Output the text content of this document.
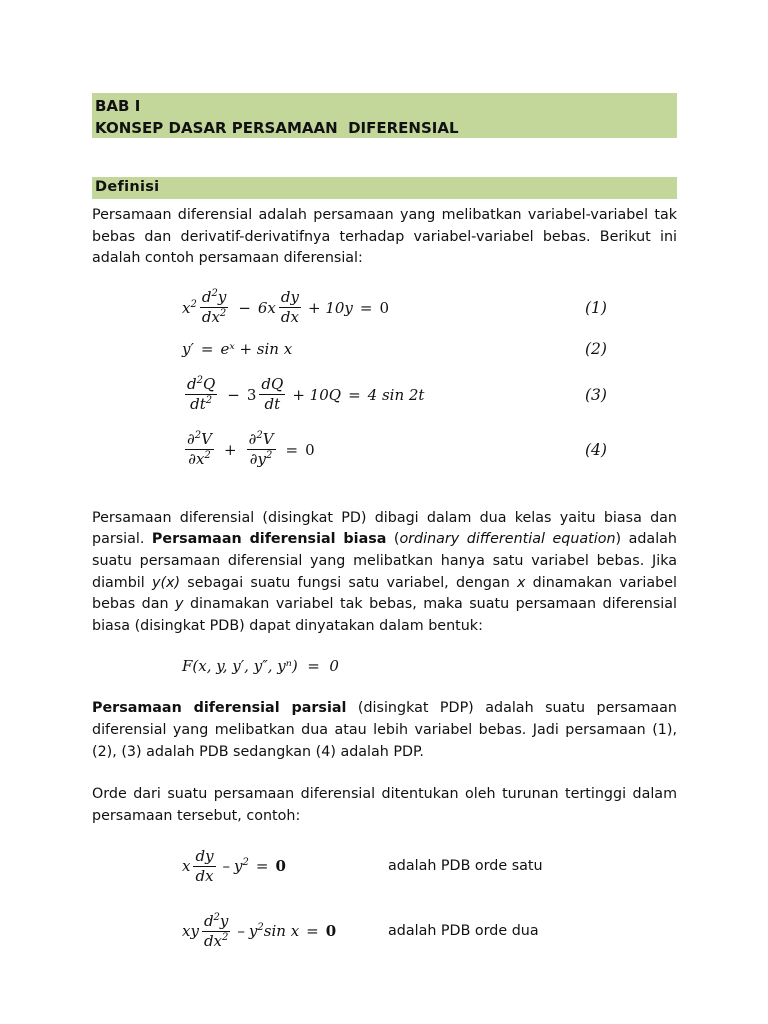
BAB I
KONSEP DASAR PERSAMAAN  DIFERENSIAL
Definisi

Persamaan diferensial adalah persamaan yang melibatkan variabel-variabel tak bebas dan derivatif-derivatifnya terhadap variabel-variabel bebas. Berikut ini adalah contoh persamaan diferensial:

$x^2 \frac{d^2y}{dx^2} - 6x \frac{dy}{dx} + 10y = 0$	(1)
y′ = eˣ + sin x	(2)
$\frac{d^2Q}{dt^2} - 3 \frac{dQ}{dt} + 10Q = 4$ sin 2t	(3)
$\frac{\partial^2V}{\partial x^2} + \frac{\partial^2V}{\partial y^2} = 0$	(4)

Persamaan diferensial (disingkat PD) dibagi dalam dua kelas yaitu biasa dan parsial. Persamaan diferensial biasa (ordinary differential equation) adalah suatu persamaan diferensial yang melibatkan hanya satu variabel bebas. Jika diambil y(x) sebagai suatu fungsi satu variabel, dengan x dinamakan variabel bebas dan y dinamakan variabel tak bebas, maka suatu persamaan diferensial biasa (disingkat PDB) dapat dinyatakan dalam bentuk:

F(x, y, y′, y″, yⁿ)  =  0

Persamaan diferensial parsial (disingkat PDP) adalah suatu persamaan diferensial yang melibatkan dua atau lebih variabel bebas. Jadi persamaan (1), (2), (3) adalah PDB sedangkan (4) adalah PDP.

Orde dari suatu persamaan diferensial ditentukan oleh turunan tertinggi dalam persamaan tersebut, contoh:

x $\frac{dy}{dx} - y^2 = 0$	adalah PDB orde satu
xy $\frac{d^2y}{dx^2} - y^2\sin$ x = 0	adalah PDB orde dua
